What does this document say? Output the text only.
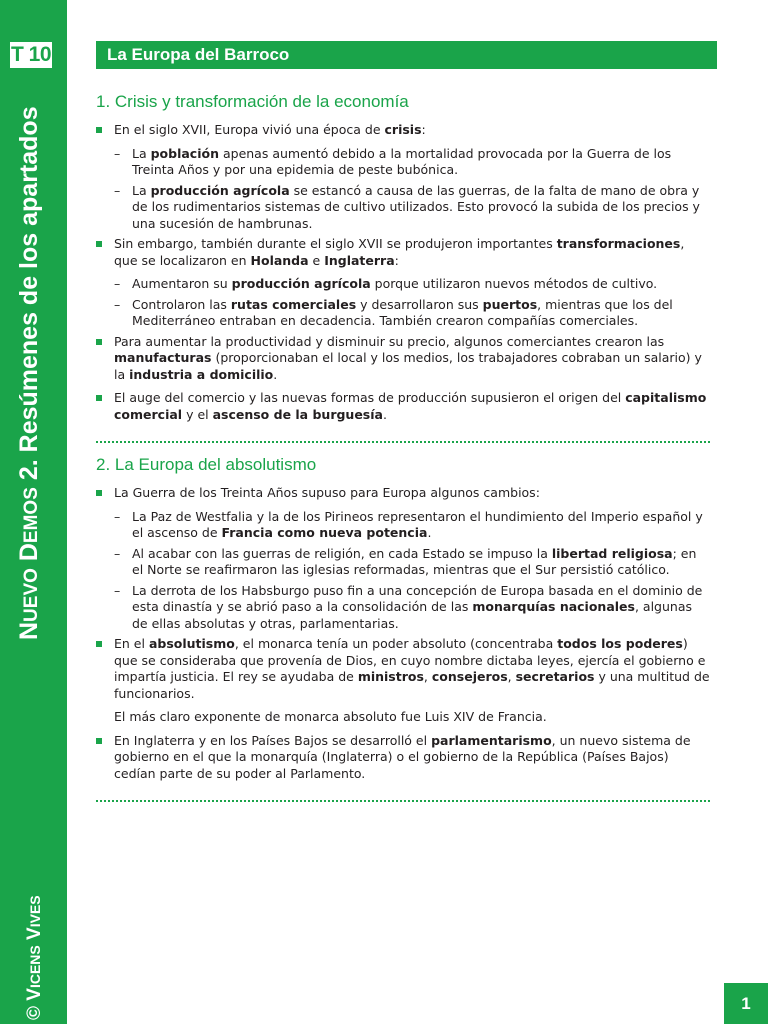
T 10
NUEVO DEMOS 2. Resúmenes de los apartados
© VICENS VIVES
La Europa del Barroco
1. Crisis y transformación de la economía

En el siglo XVII, Europa vivió una época de crisis:

– La población apenas aumentó debido a la mortalidad provocada por la Guerra de los Treinta Años y por una epidemia de peste bubónica.

– La producción agrícola se estancó a causa de las guerras, de la falta de mano de obra y de los rudimentarios sistemas de cultivo utilizados. Esto provocó la subida de los precios y una sucesión de hambrunas.

Sin embargo, también durante el siglo XVII se produjeron importantes transformaciones, que se localizaron en Holanda e Inglaterra:

– Aumentaron su producción agrícola porque utilizaron nuevos métodos de cultivo.

– Controlaron las rutas comerciales y desarrollaron sus puertos, mientras que los del Mediterráneo entraban en decadencia. También crearon compañías comerciales.

Para aumentar la productividad y disminuir su precio, algunos comerciantes crearon las manufacturas (proporcionaban el local y los medios, los trabajadores cobraban un salario) y la industria a domicilio.

El auge del comercio y las nuevas formas de producción supusieron el origen del capitalismo comercial y el ascenso de la burguesía.

2. La Europa del absolutismo

La Guerra de los Treinta Años supuso para Europa algunos cambios:

– La Paz de Westfalia y la de los Pirineos representaron el hundimiento del Imperio español y el ascenso de Francia como nueva potencia.

– Al acabar con las guerras de religión, en cada Estado se impuso la libertad religiosa; en el Norte se reafirmaron las iglesias reformadas, mientras que el Sur persistió católico.

– La derrota de los Habsburgo puso fin a una concepción de Europa basada en el dominio de esta dinastía y se abrió paso a la consolidación de las monarquías nacionales, algunas de ellas absolutas y otras, parlamentarias.

En el absolutismo, el monarca tenía un poder absoluto (concentraba todos los poderes) que se consideraba que provenía de Dios, en cuyo nombre dictaba leyes, ejercía el gobierno e impartía justicia. El rey se ayudaba de ministros, consejeros, secretarios y una multitud de funcionarios.

El más claro exponente de monarca absoluto fue Luis XIV de Francia.

En Inglaterra y en los Países Bajos se desarrolló el parlamentarismo, un nuevo sistema de gobierno en el que la monarquía (Inglaterra) o el gobierno de la República (Países Bajos) cedían parte de su poder al Parlamento.

1
